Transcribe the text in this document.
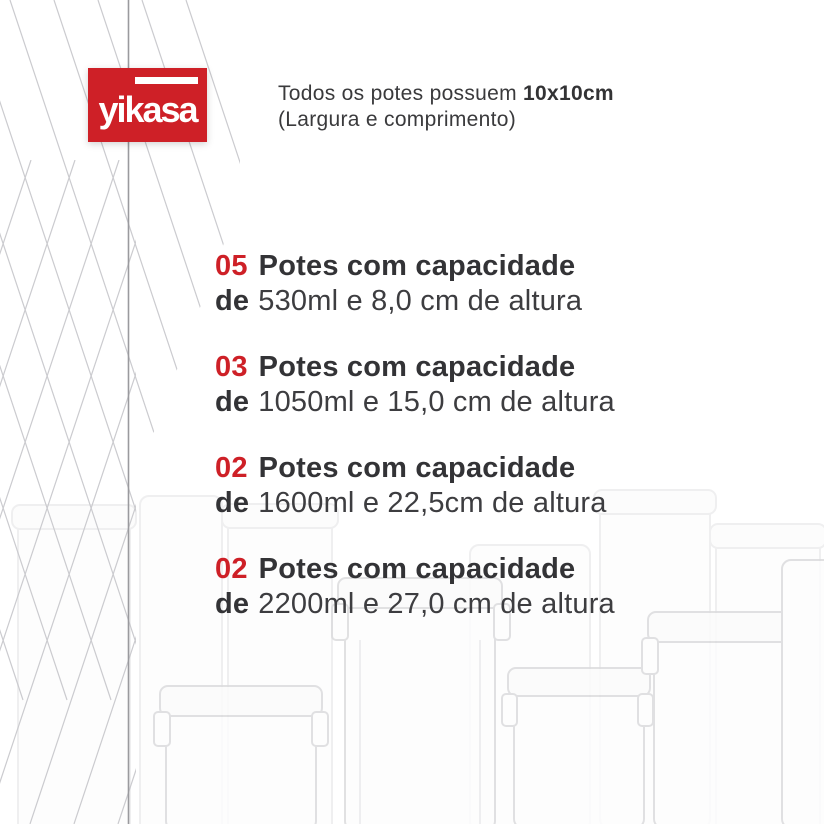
yikasa	Todos os potes possuem 10x10cm
(Largura e comprimento)
05 Potes com capacidade
de 530ml e 8,0 cm de altura
03 Potes com capacidade
de 1050ml e 15,0 cm de altura
02 Potes com capacidade
de 1600ml e 22,5cm de altura
02 Potes com capacidade
de 2200ml e 27,0 cm de altura
